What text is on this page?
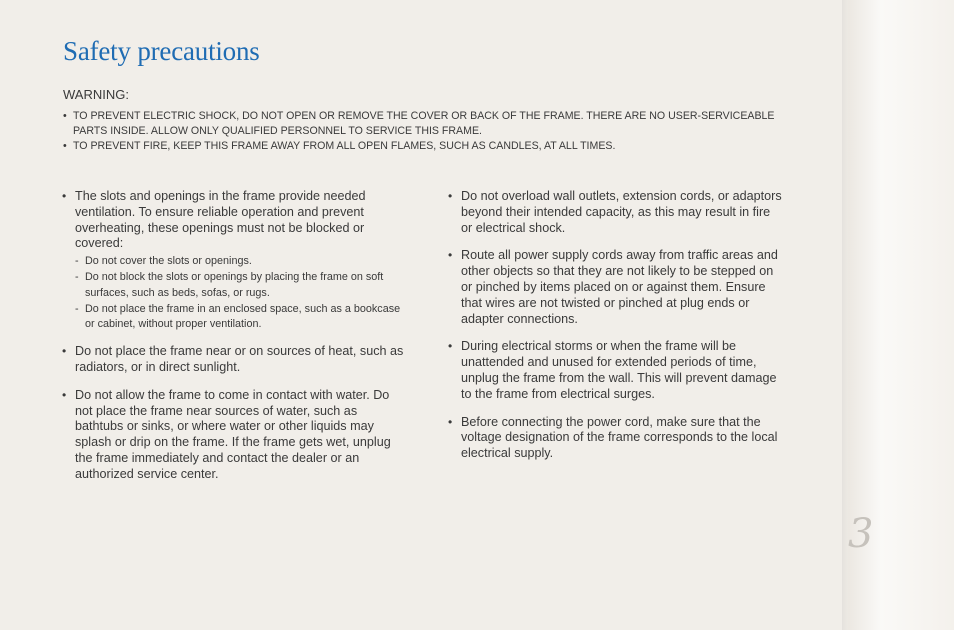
Safety precautions
WARNING:
• TO PREVENT ELECTRIC SHOCK, DO NOT OPEN OR REMOVE THE COVER OR BACK OF THE FRAME. THERE ARE NO USER-SERVICEABLE PARTS INSIDE. ALLOW ONLY QUALIFIED PERSONNEL TO SERVICE THIS FRAME.
• TO PREVENT FIRE, KEEP THIS FRAME AWAY FROM ALL OPEN FLAMES, SUCH AS CANDLES, AT ALL TIMES.
• The slots and openings in the frame provide needed ventilation. To ensure reliable operation and prevent overheating, these openings must not be blocked or covered:
- Do not cover the slots or openings.
- Do not block the slots or openings by placing the frame on soft surfaces, such as beds, sofas, or rugs.
- Do not place the frame in an enclosed space, such as a bookcase or cabinet, without proper ventilation.
• Do not place the frame near or on sources of heat, such as radiators, or in direct sunlight.
• Do not allow the frame to come in contact with water. Do not place the frame near sources of water, such as bathtubs or sinks, or where water or other liquids may splash or drip on the frame. If the frame gets wet, unplug the frame immediately and contact the dealer or an authorized service center.
• Do not overload wall outlets, extension cords, or adaptors beyond their intended capacity, as this may result in fire or electrical shock.
• Route all power supply cords away from traffic areas and other objects so that they are not likely to be stepped on or pinched by items placed on or against them. Ensure that wires are not twisted or pinched at plug ends or adapter connections.
• During electrical storms or when the frame will be unattended and unused for extended periods of time, unplug the frame from the wall. This will prevent damage to the frame from electrical surges.
• Before connecting the power cord, make sure that the voltage designation of the frame corresponds to the local electrical supply.
3
